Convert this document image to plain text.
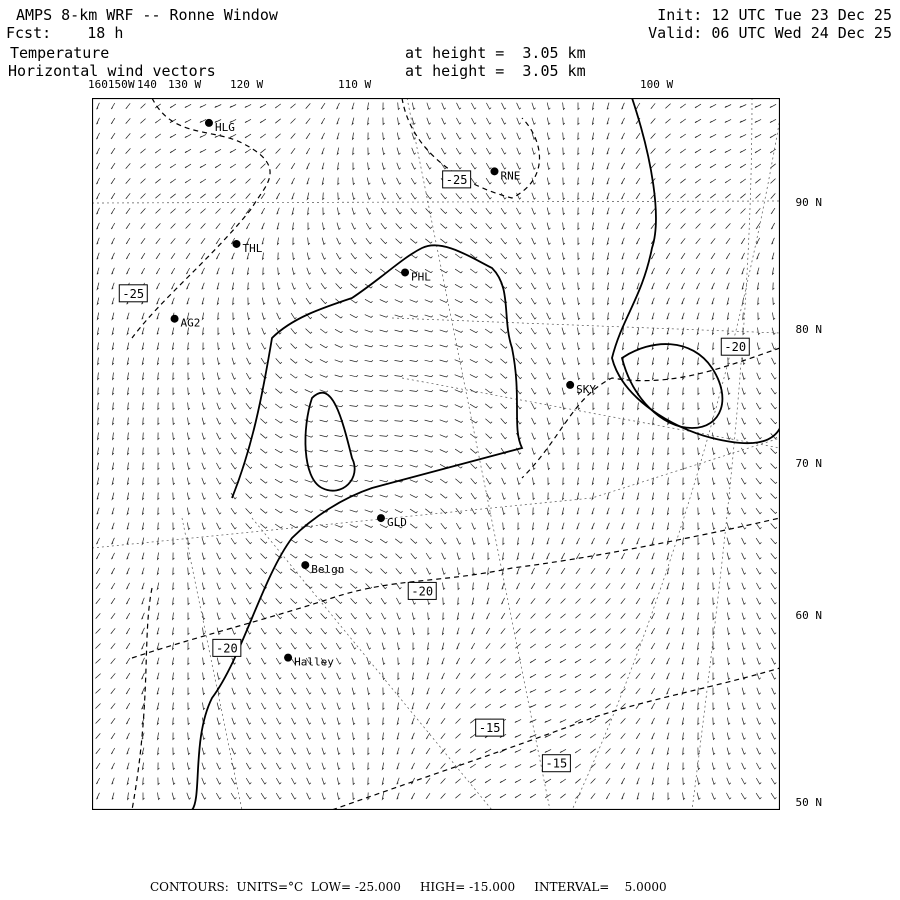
AMPS 8-km WRF -- Ronne Window
Fcst:    18 h
Init: 12 UTC Tue 23 Dec 25
Valid: 06 UTC Wed 24 Dec 25
Temperature
Horizontal wind vectors
at height =  3.05 km
at height =  3.05 km
160150 140 130 W	120 W	110 W	100 W
W
90 N
80 N
70 N
60 N
50 N
HLG
RNE
THL
PHL
AG2
SKY
GLD
Belgn
Halley
-25
-25
-20
-20
-20
-15
-15
CONTOURS:  UNITS=°C  LOW= -25.000     HIGH= -15.000     INTERVAL=    5.0000
